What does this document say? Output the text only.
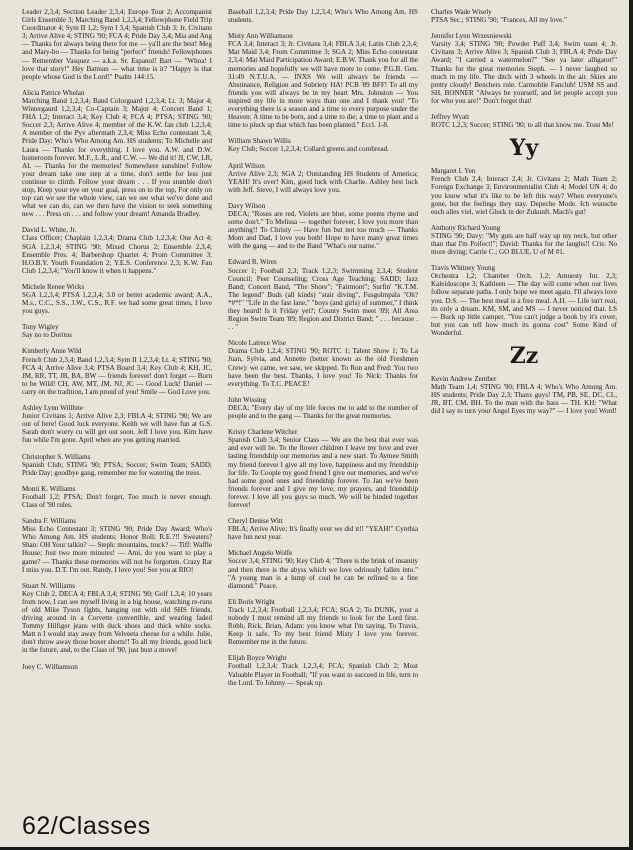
Leader 2,3,4; Section Leader 2,3,4; Europe Tour 2; Accompanist Girls Ensemble 3; Marching Band 1,2,3,4; Fellowphone Field Trip Coordinator 4; Sym II 1,2; Sym I 3,4; Spanish Club 3; Jr. Civitans 3; Arrive Alive 4; STING '90; FCA 4; Pride Day 3,4; Mia and Ang — Thanks for always being there for me — ya'll are the best! Meg and Mary-bo — Thanks for being "perfect" friends! Fellowphones — Remember Vasquez — a.k.a. Sr. Espanol! Bart — "Whoa! I love that story!" Hey Batman — what time is it? "Happy is that people whose God is the Lord!" Psalm 144:15.
Alicia Patrice Whelan
Marching Band 1,2,3,4; Band Colorguard 1,2,3,4; Lt. 3; Major 4; Wintergaurd 1,2,3,4; Co-Captain 3; Major 4; Concert Band 1; FHA 1,2; Interact 3,4; Key Club 4; FCA 4; PTSA; STING '90; Soccer 2,3; Arrive Alive 4; member of the K.W. fan club 1,2,3,4; A member of the Pyv aftermath 2,3,4; Miss Echo contestant 3,4; Pride Day; Who's Who Among Am. HS students; To Michelle and Laura — Thanks for everything. I love you. A.W. and D.W. homeroom forever. M.F., L.R., and C.W. — We did it! JI, CW, LR, AL — Thanks for the memories! Somewhere sunshine! Follow your dream take one step at a time, don't settle for less just continue to climb. Follow your dream . . . If you stumble don't stop, Keep your eye on your goal, press on to the top, For only on top can we see the whole view, can we see what we've done and what we can do, can we then have the vision to seek something new . . . Press on . . . and follow your dream! Amanda Bradley.
David L. White, Jr.
Class Officer; Chaplain 1,2,3,4; Drama Club 1,2,3,4; One Act 4; SGA 1,2,3,4; STING '90; Mixed Chorus 2; Ensemble 2,3,4; Ensemble Pres. 4; Barbershop Quartet 4; Prom Committee 3; H.O.B.Y. Youth Foundation 2; Y.E.S. Conference 2,3; K.W. Fan Club 1,2,3,4; "You'll know it when it happens."
Michele Renee Wicks
SGA 1,2,3,4; PTSA 1,2,3,4; 3.0 or better academic award; A.A., M.s., C.C., S.S., J.W., C.S., R.F. we had some great times, I love you guys.
Tony Wigley
Say no to Doritos
Kimberly Anne Wild
French Club 2,3,4; Band 1,2,3,4; Sym II 1,2,3,4; Lt. 4; STING '90; FCA 4; Arrive Alive 3,4; PTSA Board 3,4; Key Club 4; KH, JC, JM, RR, TT, JB, BA, BW — friends forever! don't forget — Born to be Wild! CH, AW, MT, JM, NJ, JC — Good Luck! Daniel — carry on the tradition, I am proud of you! Smile — God Love you.
Ashley Lynn Willhite
Junior Civitans 1; Arrive Alive 2,3; FBLA 4; STING '90; We are out of here! Good luck everyone. Keith we will have fun at G.S. Sarah don't worry cu will get out soon. Jeff I love you. Kim have fun while I'm gone. April when are you getting married.
Christopher S. Williams
Spanish Club; STING '90; PTSA; Soccer; Swim Team; SADD; Pride Day; goodbye gang, remember me for watering the trees.
Monti K. Williams
Football 1,2; PTSA; Don't forget, Too much is never enough. Class of '90 rules.
Sandra F. Williams
Miss Echo Contestant 3; STING '90; Pride Day Award; Who's Who Among Am. HS students; Honor Roll; R.E.?!! Sweaters? Shan: OH Your talkin? — Steph: mountains, truck? — Tiff: Waffle House; Just two more minutes! — Ami, do you want to play a game? — Thanks these memories will not be forgotten. Crazy Rat I miss you. D.T. I'm out. Randy, I love you! See you at RIO!
Stuart N. Williams
Key Club 2, DECA 4; FBLA 3,4; STING '90; Golf 1,3,4; 10 years from now, I can see myself living in a big house, watching re-runs of old Mike Tyson fights, hanging out with old SHS friends, driving around in a Corvette convertible, and wearing faded Tommy Hilfiger jeans with duck shoes and thick white socks. Matt n I would stay away from Velveeta cheese for a while. Julie, don't throw away those boxer shorts!! To all my friends, good luck in the future, and, to the Class of '90, just bust a move!
Joey C. Williamson
Baseball 1,2,3,4; Pride Day 1,2,3,4; Who's Who Among Am. HS students.
Misty Ann Williamson
FCA 3,4; Interact 3; Jr. Civitans 3,4; FBLA 3,4; Latin Club 2,3,4; Mat Maid 3,4; From Committee 3; SGA 2; Miss Echo contestant 2,3,4; Mat Maid Participation Award; E.B.W. Thank you for all the memories and hopefully we will have more to come. P.G.B. Gen. 31:49 N.T.U.A. — INXS We will always be friends — Abstinance, Religion and Sobriety HA! PCB '89 BFF! To all my friends you will always be in my heart Mrs. Johnston — You inspired my life in more ways than one and I thank you! "To everything there is a season and a time to every purpose under the Heaven: A time to be born, and a time to die; a time to plant and a time to pluck up that which has been planted." Eccl. 1-8.
William Shawn Willis
Key Club; Soccer 1,2,3,4; Collard greens and cornbread.
April Wilson
Arrive Alive 2,3; SGA 2; Outstanding HS Students of America; YEAH! It's over! Kim, good luck with Charlie. Ashley best luck with Jeff. Steve, I will always love you.
Davy Wilson
DECA; "Roses are red, Violets are blue, some poems rhyme and some don't." To Melissa — together forever, I love you more than anything!! To Christy — Have fun but not too much — Thanks Mom and Dad, I love you both! Hope to have many great times with the gang — and to the Band "What's our name."
Edward R. Wires
Soccer 1; Football 2,3; Track 1,2,3; Swimming 2,3,4; Student Council; Peer Counseling; Cross Age Teaching; SADD; Jazz Band; Concert Band, "The Shore"; "Fairmont"; Surfin' "K.T.M. The legend" Buds (all kinds) "stair diving", Fusgolmpala "Oh?*#*!" "Life in the fast lane," "boys (and girls) of summer," I think they heard! Is it Friday yet?; County Swim meet '89; All Area Region Swim Team '89; Region and District Band; " . . . because . . . "
Nicole Latrece Wise
Drama Club 1,2,4; STING '90; ROTC 1; Talent Show 1; To La Juan, Sylvia, and Annette (better known as the old Freshmen Crew): we came, we saw, we skipped. To Ron and Fred: You two have been the best. Thanks, I love you! To Nick: Thanks for everything. To T.C. PEACE!
John Wissing
DECA; "Every day of my life forces me to add to the number of people and to the gang — Thanks for the great memories.
Kristy Charlene Witcher
Spanish Club 3,4; Senior Class — We are the best that ever was and ever will be. To the flower children I leave my love and ever lasting friendship our memories and a new start. To Aymee Smith my friend forever I give all my love, happiness and my friendship for life. To Coople my good friend I give our memories, and we've had some good ones and friendship forever. To Jan we've been friends forever and I give my love, my prayers, and friendship forever. I love all you guys so much. We will be binded together forever!
Cheryl Denise Witt
FBLA; Arrive Alive; It's finally over we did it!! "YEAH!" Cynthia have fun next year.
Michael Angelo Wolfe
Soccer 3,4; STING '90; Key Club 4; "There is the brink of insanity and then there is the abyss which we love odriously fallen into." "A young man is a lump of coal he can be refined to a fine diamond." Peace.
Eli Boris Wright
Track 1,2,3,4; Football 1,2,3,4; FCA; SGA 2; To DUNK, your a nobody I must remind all my friends to look for the Lord first. Robb, Rick, Brian, Adam: you know what I'm saying. To Travis, Keep it safe. To my best friend Misty I love you forever. Remember me in the future.
Elijah Boyce Wright
Football 1,2,3,4; Track 1,2,3,4; FCA; Spanish Club 2; Most Valuable Player in Football; "If you want to succeed in life, turn to the Lord. To Johnny — Speak up.
Charles Wade Wisely
PTSA Sec.; STING '90; "Frances, All my love."
Jennifer Lynn Wrzesniewski
Varsity 3,4; STING '90; Powder Puff 3,4; Swim team 4; Jr. Civitans 3; Arrive Alive 3; Spanish Club 3; FBLA 4; Pride Day Award; "I carried a watermelon?" "See ya later alligator!" Thanks for the great memories Steph. — I never laughed so much in my life. The ditch with 3 wheels in the air. Skies are pretty cloudy! Benchers rule. Carmoblie Fanclub! USM SS and SH, BONNER "Always be yourself, and let people accept you for who you are!" Don't forget that!
Jeffrey Wyatt
ROTC 1,2,3; Soccer; STING '90; to all that know me. Trust Me!
Yy
Margaret I. Yen
French Club 2,4; Interact 2,4; Jr. Civitans 2; Math Team 2; Foreign Exchange 3; Environmentalist Club 4; Model UN 4; do you know what it's like to be left this way? When everyone's gone, but the feelings they stay. Depeche Mode. Ich wunsche euch alles viel, wiel Gluck in der Zukunft. Mach's gut!
Anthony Richard Young
STING '90; Davy: "My guts are half way up my neck, but other than that I'm Poifect!"; David: Thanks for the laughs!! Cris: No more diving; Carrie C.; GO BLUE, U of M #1.
Travis Whitney Young
Orchestra 1,2; Chamber Orch. 1,2; Amnesty Int. 2,3; Kaleidoscope 3; Kathleen — The day will come when our lives follow separate paths. I only hope we meet again. I'll always love you. D.S. — The best meal is a free meal. A.H. — Life isn't real, its only a dream. KM, SM, and MS — I never noticed that. LS — Buck up little camper, "You can't judge a book by it's cover, but you can tell how much its gonna cost" Some Kind of Wonderful.
Zz
Kevin Andrew Zember
Math Team 1,4; STING '90; FBLA 4; Who's Who Among Am. HS students; Pride Day 2,3; Thanx guys! TM, PB, SE, DC, CL, JR, BT, CM, BH. To the man with the bass — TH. KH: "What did I say to turn your Angel Eyes my way?" — I love you! Word!
62/Classes
